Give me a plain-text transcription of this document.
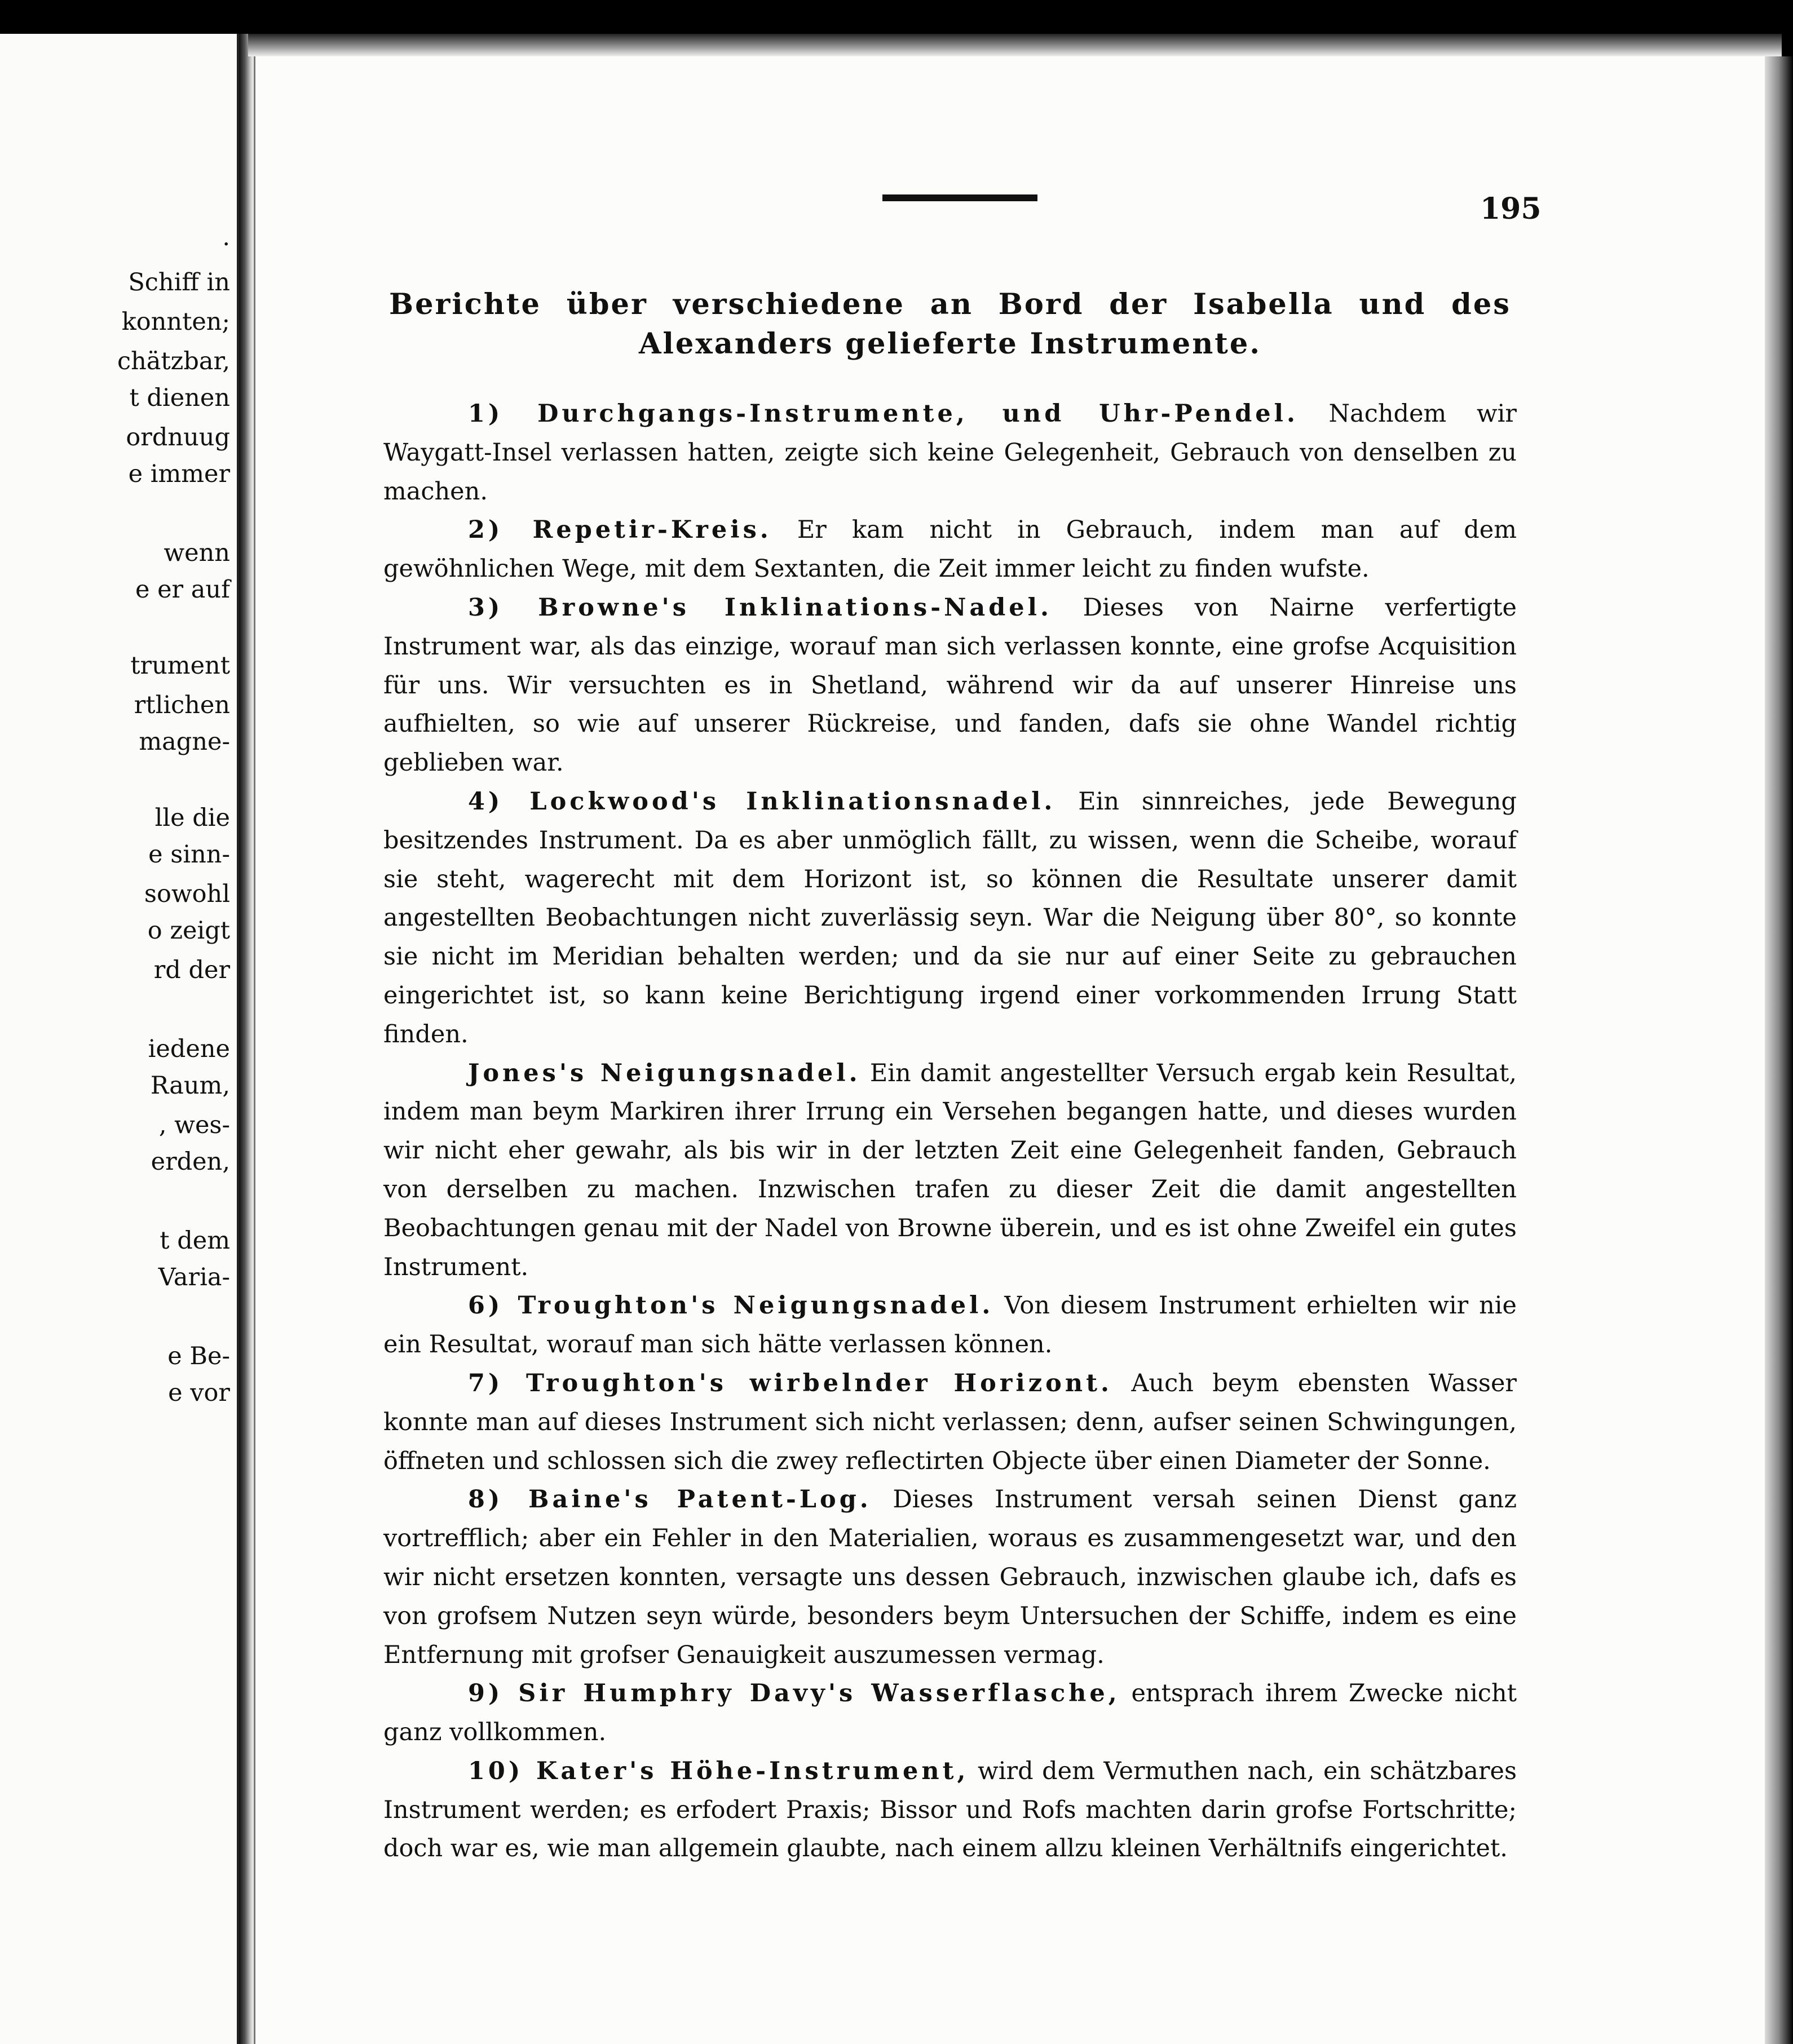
.
Schiff in
konnten;
chätzbar,
t dienen
ordnuug
e immer
wenn
e er auf
trument
rtlichen
magne-
lle die
e sinn-
sowohl
o zeigt
rd der
iedene
Raum,
, wes-
erden,
t dem
Varia-
e Be-
e vor
195
Berichte über verschiedene an Bord der Isabella und des
Alexanders gelieferte Instrumente.

1) Durchgangs-Instrumente, und Uhr-Pendel. Nachdem wir Waygatt-Insel verlassen hatten, zeigte sich keine Gelegenheit, Gebrauch von denselben zu machen.

2) Repetir-Kreis. Er kam nicht in Gebrauch, indem man auf dem gewöhnlichen Wege, mit dem Sextanten, die Zeit immer leicht zu finden wufste.

3) Browne's Inklinations-Nadel. Dieses von Nairne verfertigte Instrument war, als das einzige, worauf man sich verlassen konnte, eine grofse Acquisition für uns. Wir versuchten es in Shetland, während wir da auf unserer Hinreise uns aufhielten, so wie auf unserer Rückreise, und fanden, dafs sie ohne Wandel richtig geblieben war.

4) Lockwood's Inklinationsnadel. Ein sinnreiches, jede Bewegung besitzendes Instrument. Da es aber unmöglich fällt, zu wissen, wenn die Scheibe, worauf sie steht, wagerecht mit dem Horizont ist, so können die Resultate unserer damit angestellten Beobachtungen nicht zuverlässig seyn. War die Neigung über 80°, so konnte sie nicht im Meridian behalten werden; und da sie nur auf einer Seite zu gebrauchen eingerichtet ist, so kann keine Berichtigung irgend einer vorkommenden Irrung Statt finden.

Jones's Neigungsnadel. Ein damit angestellter Versuch ergab kein Resultat, indem man beym Markiren ihrer Irrung ein Versehen begangen hatte, und dieses wurden wir nicht eher gewahr, als bis wir in der letzten Zeit eine Gelegenheit fanden, Gebrauch von derselben zu machen. Inzwischen trafen zu dieser Zeit die damit angestellten Beobachtungen genau mit der Nadel von Browne überein, und es ist ohne Zweifel ein gutes Instrument.

6) Troughton's Neigungsnadel. Von diesem Instrument erhielten wir nie ein Resultat, worauf man sich hätte verlassen können.

7) Troughton's wirbelnder Horizont. Auch beym ebensten Wasser konnte man auf dieses Instrument sich nicht verlassen; denn, aufser seinen Schwingungen, öffneten und schlossen sich die zwey reflectirten Objecte über einen Diameter der Sonne.

8) Baine's Patent-Log. Dieses Instrument versah seinen Dienst ganz vortrefflich; aber ein Fehler in den Materialien, woraus es zusammengesetzt war, und den wir nicht ersetzen konnten, versagte uns dessen Gebrauch, inzwischen glaube ich, dafs es von grofsem Nutzen seyn würde, besonders beym Untersuchen der Schiffe, indem es eine Entfernung mit grofser Genauigkeit auszumessen vermag.

9) Sir Humphry Davy's Wasserflasche, entsprach ihrem Zwecke nicht ganz vollkommen.

10) Kater's Höhe-Instrument, wird dem Vermuthen nach, ein schätzbares Instrument werden; es erfodert Praxis; Bissor und Rofs machten darin grofse Fortschritte; doch war es, wie man allgemein glaubte, nach einem allzu kleinen Verhältnifs eingerichtet.
